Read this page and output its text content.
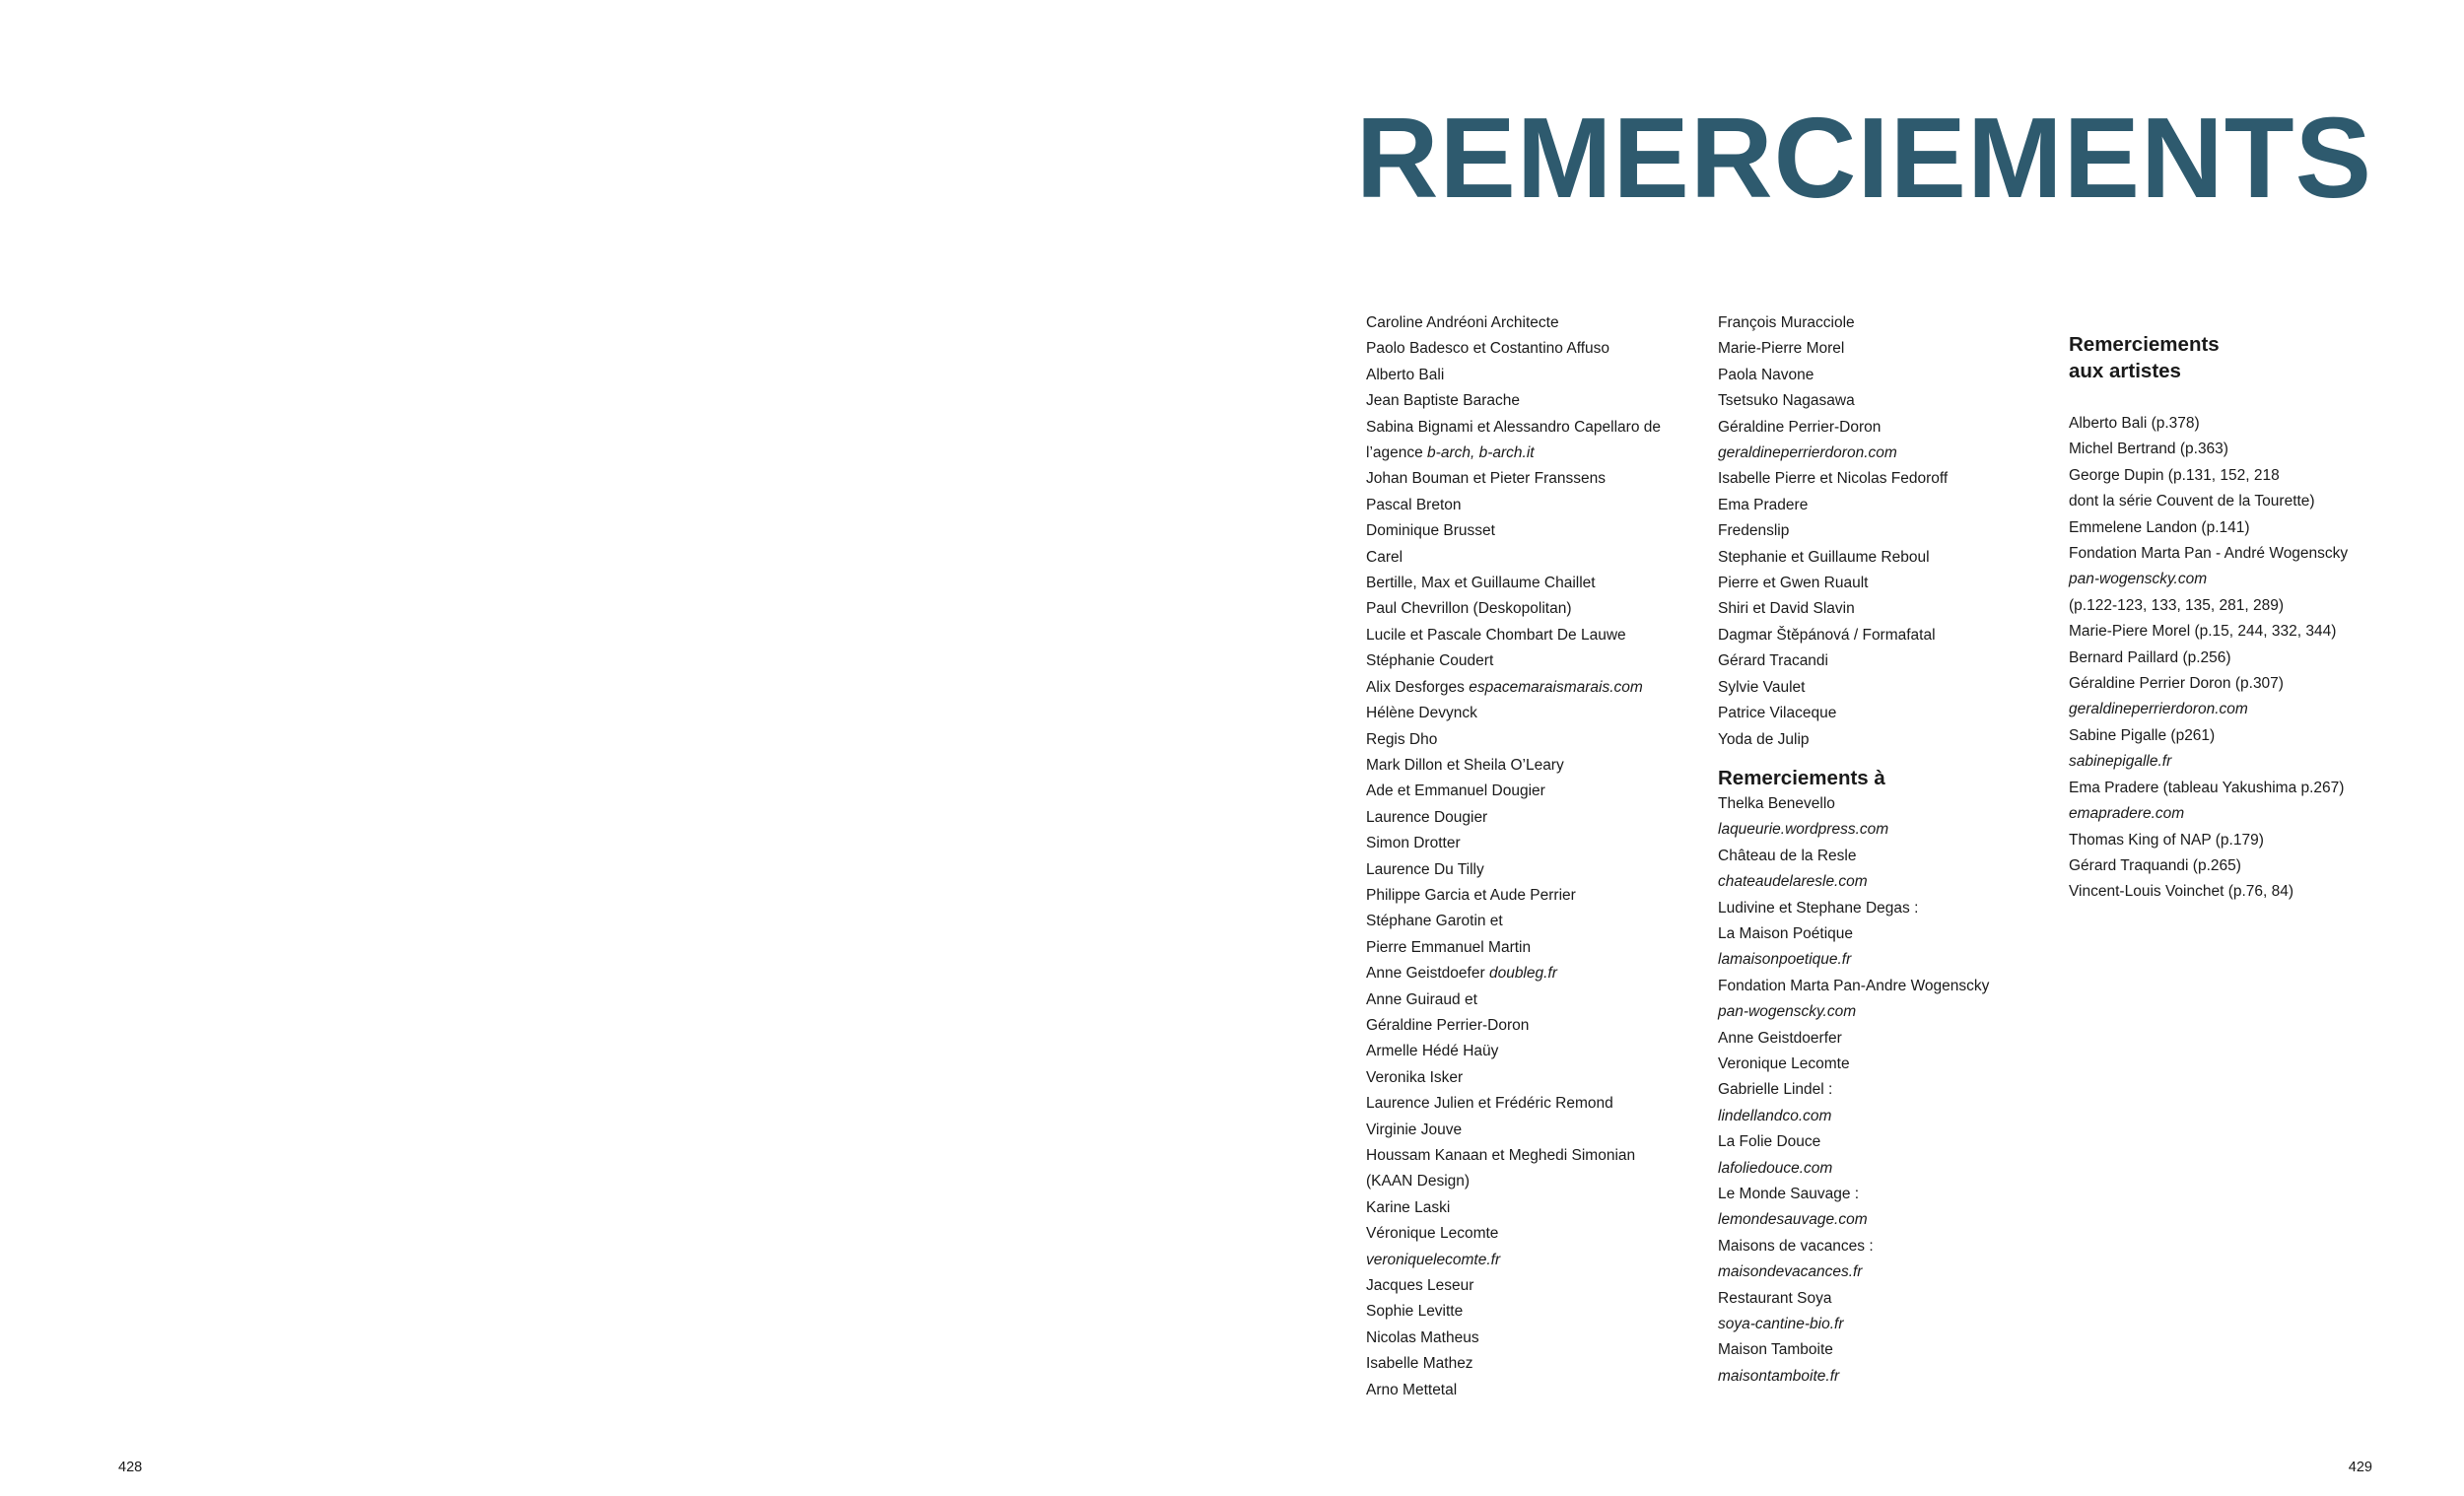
REMERCIEMENTS
Caroline Andréoni Architecte
Paolo Badesco et Costantino Affuso
Alberto Bali
Jean Baptiste Barache
Sabina Bignami et Alessandro Capellaro de
l’agence b-arch, b-arch.it
Johan Bouman et Pieter Franssens
Pascal Breton
Dominique Brusset
Carel
Bertille, Max et Guillaume Chaillet
Paul Chevrillon (Deskopolitan)
Lucile et Pascale Chombart De Lauwe
Stéphanie Coudert
Alix Desforges espacemaraismarais.com
Hélène Devynck
Regis Dho
Mark Dillon et Sheila O’Leary
Ade et Emmanuel Dougier
Laurence Dougier
Simon Drotter
Laurence Du Tilly
Philippe Garcia et Aude Perrier
Stéphane Garotin et
Pierre Emmanuel Martin
Anne Geistdoefer doubleg.fr
Anne Guiraud et
Géraldine Perrier-Doron
Armelle Hédé Haüy
Veronika Isker
Laurence Julien et Frédéric Remond
Virginie Jouve
Houssam Kanaan et Meghedi Simonian
(KAAN Design)
Karine Laski
Véronique Lecomte
veroniquelecomte.fr
Jacques Leseur
Sophie Levitte
Nicolas Matheus
Isabelle Mathez
Arno Mettetal
François Muracciole
Marie-Pierre Morel
Paola Navone
Tsetsuko Nagasawa
Géraldine Perrier-Doron
geraldineperrierdoron.com
Isabelle Pierre et Nicolas Fedoroff
Ema Pradere
Fredenslip
Stephanie et Guillaume Reboul
Pierre et Gwen Ruault
Shiri et David Slavin
Dagmar Štěpánová / Formafatal
Gérard Tracandi
Sylvie Vaulet
Patrice Vilaceque
Yoda de Julip
Remerciements à
Thelka Benevello
laqueurie.wordpress.com
Château de la Resle
chateaudelaresle.com
Ludivine et Stephane Degas :
La Maison Poétique
lamaisonpoetique.fr
Fondation Marta Pan-Andre Wogenscky
pan-wogenscky.com
Anne Geistdoerfer
Veronique Lecomte
Gabrielle Lindel :
lindellandco.com
La Folie Douce
lafoliedouce.com
Le Monde Sauvage :
lemondesauvage.com
Maisons de vacances :
maisondevacances.fr
Restaurant Soya
soya-cantine-bio.fr
Maison Tamboite
maisontamboite.fr
Remerciements
aux artistes
Alberto Bali (p.378)
Michel Bertrand (p.363)
George Dupin (p.131, 152, 218
dont la série Couvent de la Tourette)
Emmelene Landon (p.141)
Fondation Marta Pan - André Wogenscky
pan-wogenscky.com
(p.122-123, 133, 135, 281, 289)
Marie-Piere Morel (p.15, 244, 332, 344)
Bernard Paillard (p.256)
Géraldine Perrier Doron (p.307)
geraldineperrierdoron.com
Sabine Pigalle (p261)
sabinepigalle.fr
Ema Pradere (tableau Yakushima p.267)
emapradere.com
Thomas King of NAP (p.179)
Gérard Traquandi (p.265)
Vincent-Louis Voinchet (p.76, 84)
428	429
